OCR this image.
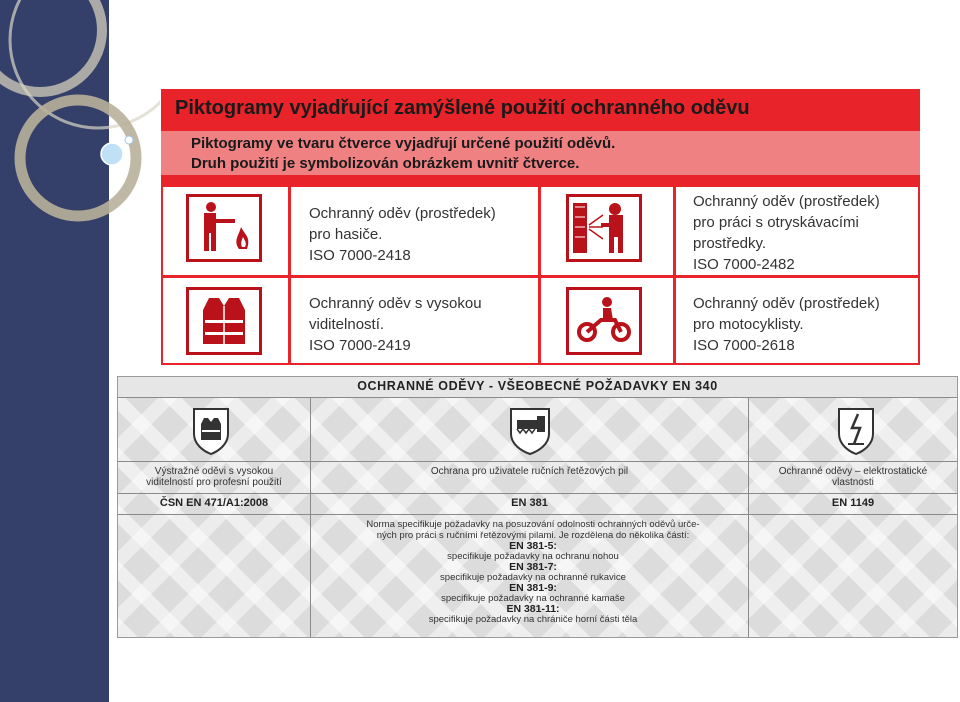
Piktogramy vyjadřující zamýšlené použití ochranného oděvu
Piktogramy ve tvaru čtverce vyjadřují určené použití oděvů.
Druh použití je symbolizován obrázkem uvnitř čtverce.
Ochranný oděv (prostředek)
pro hasiče.
ISO 7000-2418
Ochranný oděv (prostředek)
pro práci s otryskávacími
prostředky.
ISO 7000-2482
Ochranný oděv s vysokou
viditelností.
ISO 7000-2419
Ochranný oděv (prostředek)
pro motocyklisty.
ISO 7000-2618
OCHRANNÉ ODĚVY - VŠEOBECNÉ POŽADAVKY EN 340
Výstražné oděvi s vysokou
viditelností pro profesní použití
ČSN EN 471/A1:2008
Ochrana pro uživatele ručních řetězových pil
EN 381
Ochranné oděvy – elektrostatické
vlastnosti
EN 1149
Norma specifikuje požadavky na posuzování odolnosti ochranných oděvů urče-
ných pro práci s ručními řetězovými pilami. Je rozdělena do několika částí:
EN 381-5:
specifikuje požadavky na ochranu nohou
EN 381-7:
specifikuje požadavky na ochranné rukavice
EN 381-9:
specifikuje požadavky na ochranné kamaše
EN 381-11:
specifikuje požadavky na chrániče horní části těla
